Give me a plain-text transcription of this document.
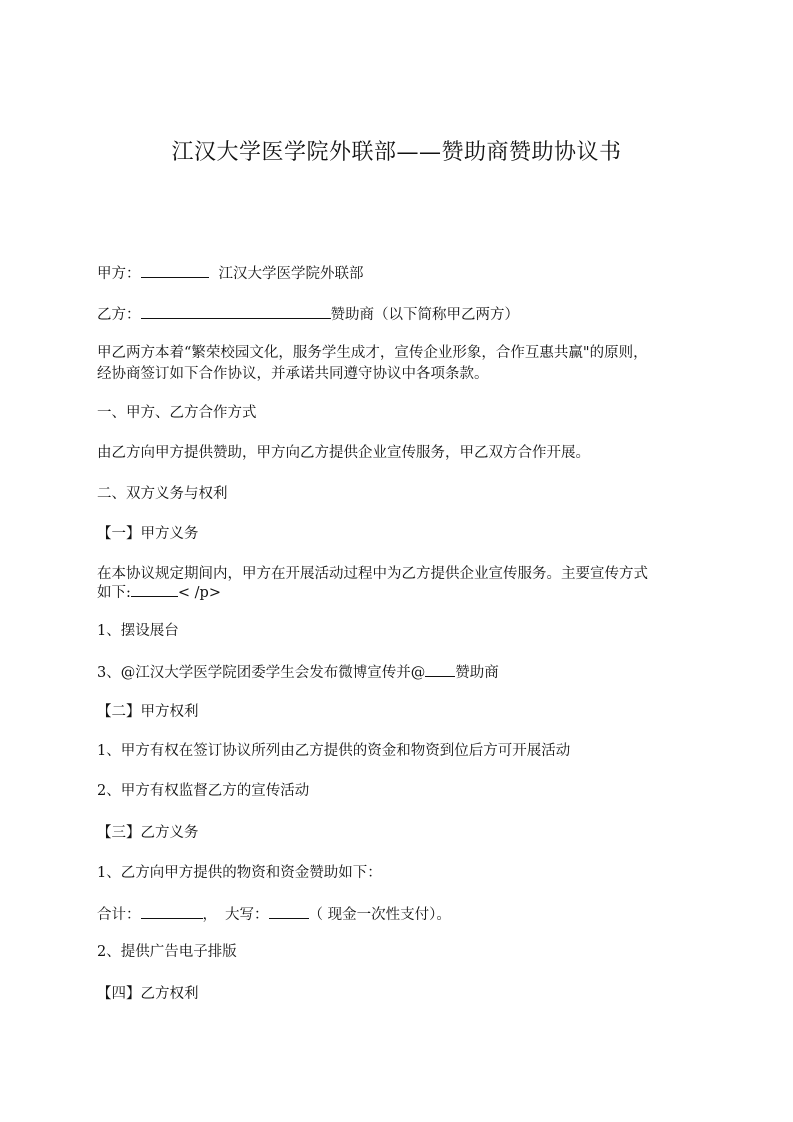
江汉大学医学院外联部——赞助商赞助协议书
甲方：	江汉大学医学院外联部
乙方：	赞助商（以下简称甲乙两方）
甲乙两方本着“繁荣校园文化，服务学生成才，宣传企业形象，合作互惠共赢"的原则，
经协商签订如下合作协议，并承诺共同遵守协议中各项条款。
一、甲方、乙方合作方式
由乙方向甲方提供赞助，甲方向乙方提供企业宣传服务，甲乙双方合作开展。
二、双方义务与权利
【一】甲方义务
在本协议规定期间内，甲方在开展活动过程中为乙方提供企业宣传服务。主要宣传方式
如下:	< /p>
1、摆设展台
3、@江汉大学医学院团委学生会发布微博宣传并@ 赞助商
【二】甲方权利
1、甲方有权在签订协议所列由乙方提供的资金和物资到位后方可开展活动
2、甲方有权监督乙方的宣传活动
【三】乙方义务
1、乙方向甲方提供的物资和资金赞助如下：
合计：	， 大写：	（ 现金一次性支付）。
2、提供广告电子排版
【四】乙方权利
